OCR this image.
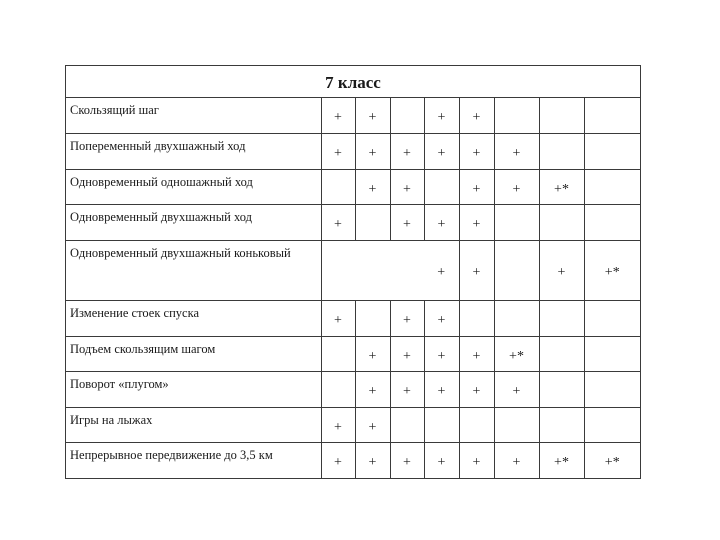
7 класс
Скользящий шаг	+	+		+	+			
Попеременный двухшажный ход	+	+	+	+	+	+		
Одновременный одношажный ход		+	+		+	+	+*	
Одновременный двухшажный ход	+		+	+	+			
Одновременный двухшажный коньковый				+	+		+	+*
Изменение стоек спуска	+		+	+				
Подъем скользящим шагом		+	+	+	+	+*		
Поворот «плугом»		+	+	+	+	+		
Игры на лыжах	+	+						
Непрерывное передвижение до 3,5 км	+	+	+	+	+	+	+*	+*
